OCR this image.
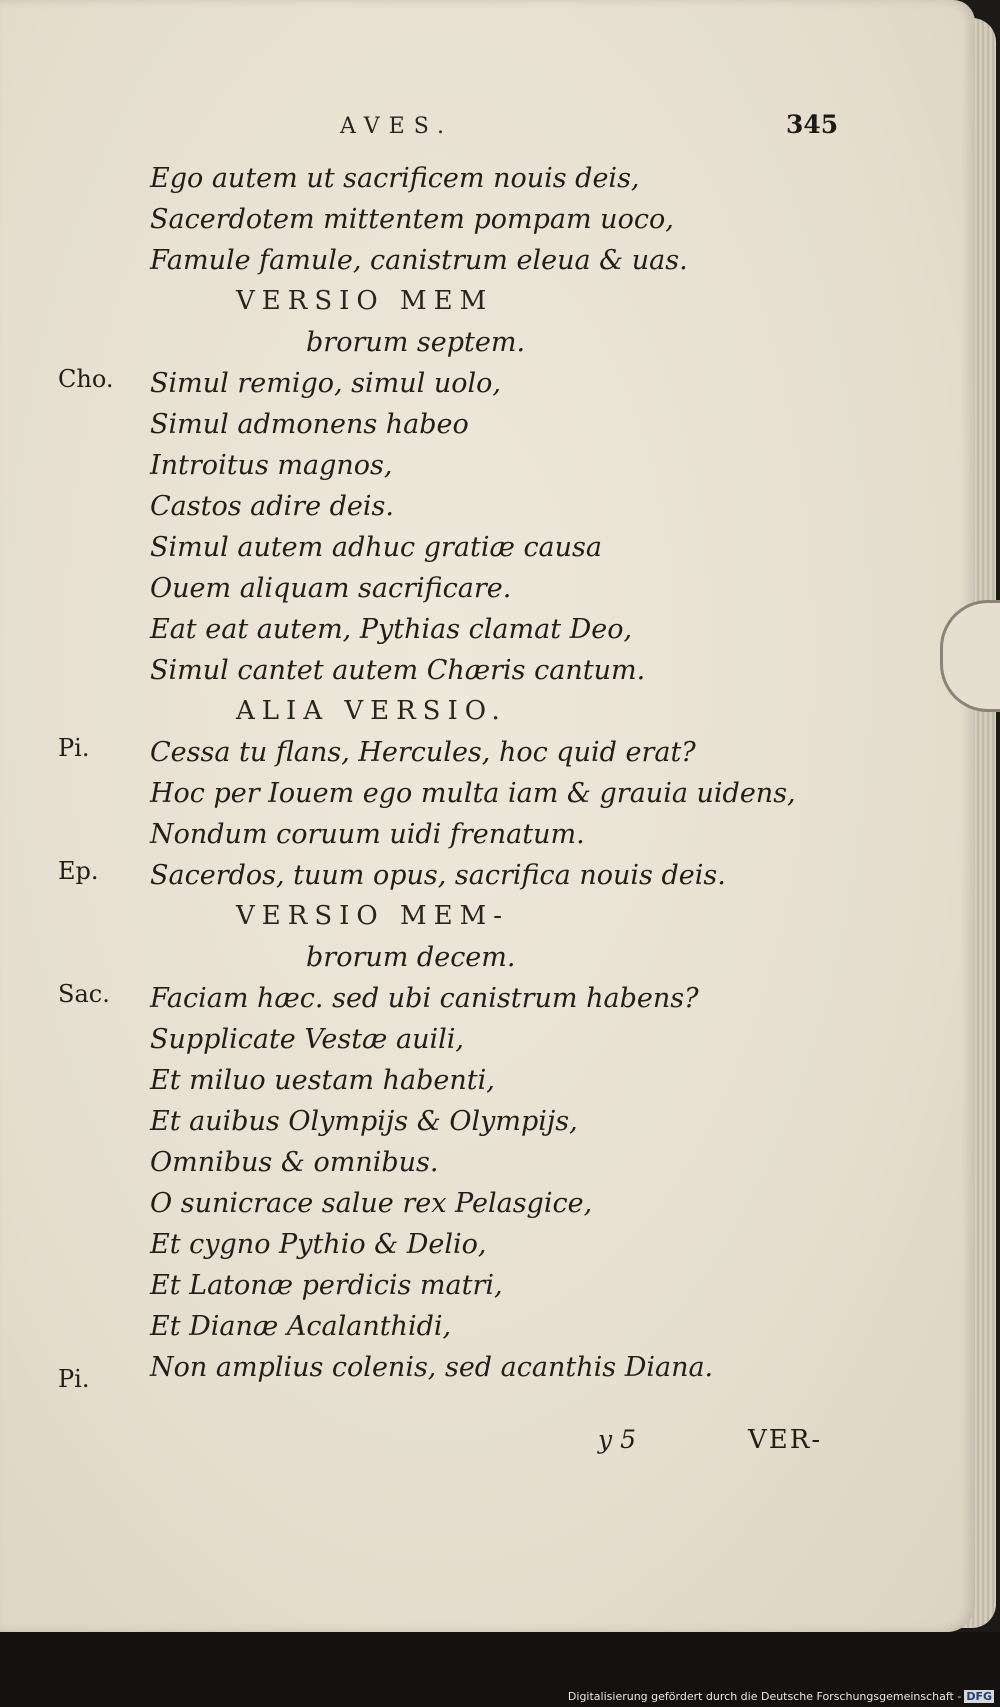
AVES.	345
Cho.
Pi.
Ep.
Sac.
Pi.
Ego autem ut sacrificem nouis deis,
Sacerdotem mittentem pompam uoco,
Famule famule, canistrum eleua & uas.
VERSIO MEM
brorum septem.
Simul remigo, simul uolo,
Simul admonens habeo
Introitus magnos,
Castos adire deis.
Simul autem adhuc gratiæ causa
Ouem aliquam sacrificare.
Eat eat autem, Pythias clamat Deo,
Simul cantet autem Chæris cantum.
ALIA VERSIO.
Cessa tu flans, Hercules, hoc quid erat?
Hoc per Iouem ego multa iam & grauia uidens,
Nondum coruum uidi frenatum.
Sacerdos, tuum opus, sacrifica nouis deis.
VERSIO MEM-
brorum decem.
Faciam hæc. sed ubi canistrum habens?
Supplicate Vestæ auili,
Et miluo uestam habenti,
Et auibus Olympijs & Olympijs,
Omnibus & omnibus.
O sunicrace salue rex Pelasgice,
Et cygno Pythio & Delio,
Et Latonæ perdicis matri,
Et Dianæ Acalanthidi,
Non amplius colenis, sed acanthis Diana.
y 5	VER-
Digitalisierung gefördert durch die Deutsche Forschungsgemeinschaft - DFG
